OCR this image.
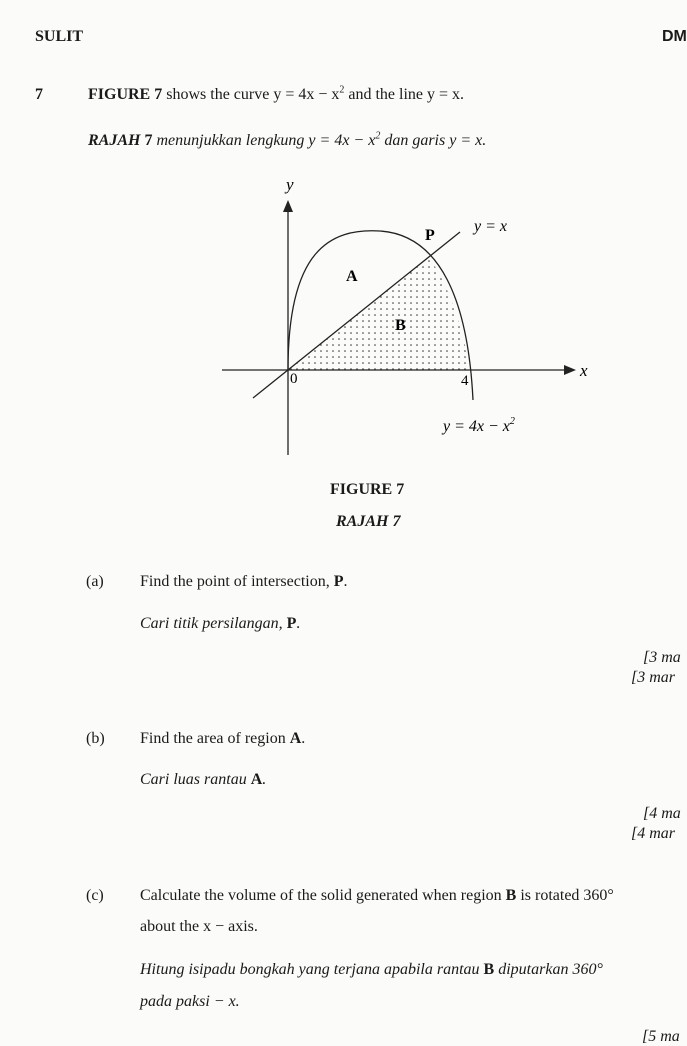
SULIT	DM
7	FIGURE 7 shows the curve $y = 4x - x^2$ and the line y = x.
RAJAH 7 menunjukkan lengkung $y = 4x - x^2$ dan garis y = x.
y
x
0	4
P
A
B
y = x
$y = 4x - x^2$
FIGURE 7
RAJAH 7
(a) Find the point of intersection, P.
Cari titik persilangan, P.
[3 ma
[3 mar
(b) Find the area of region A.
Cari luas rantau A.
[4 ma
[4 mar
(c) Calculate the volume of the solid generated when region B is rotated 360°
about the x − axis.
Hitung isipadu bongkah yang terjana apabila rantau B diputarkan 360°
pada paksi − x.
[5 ma
